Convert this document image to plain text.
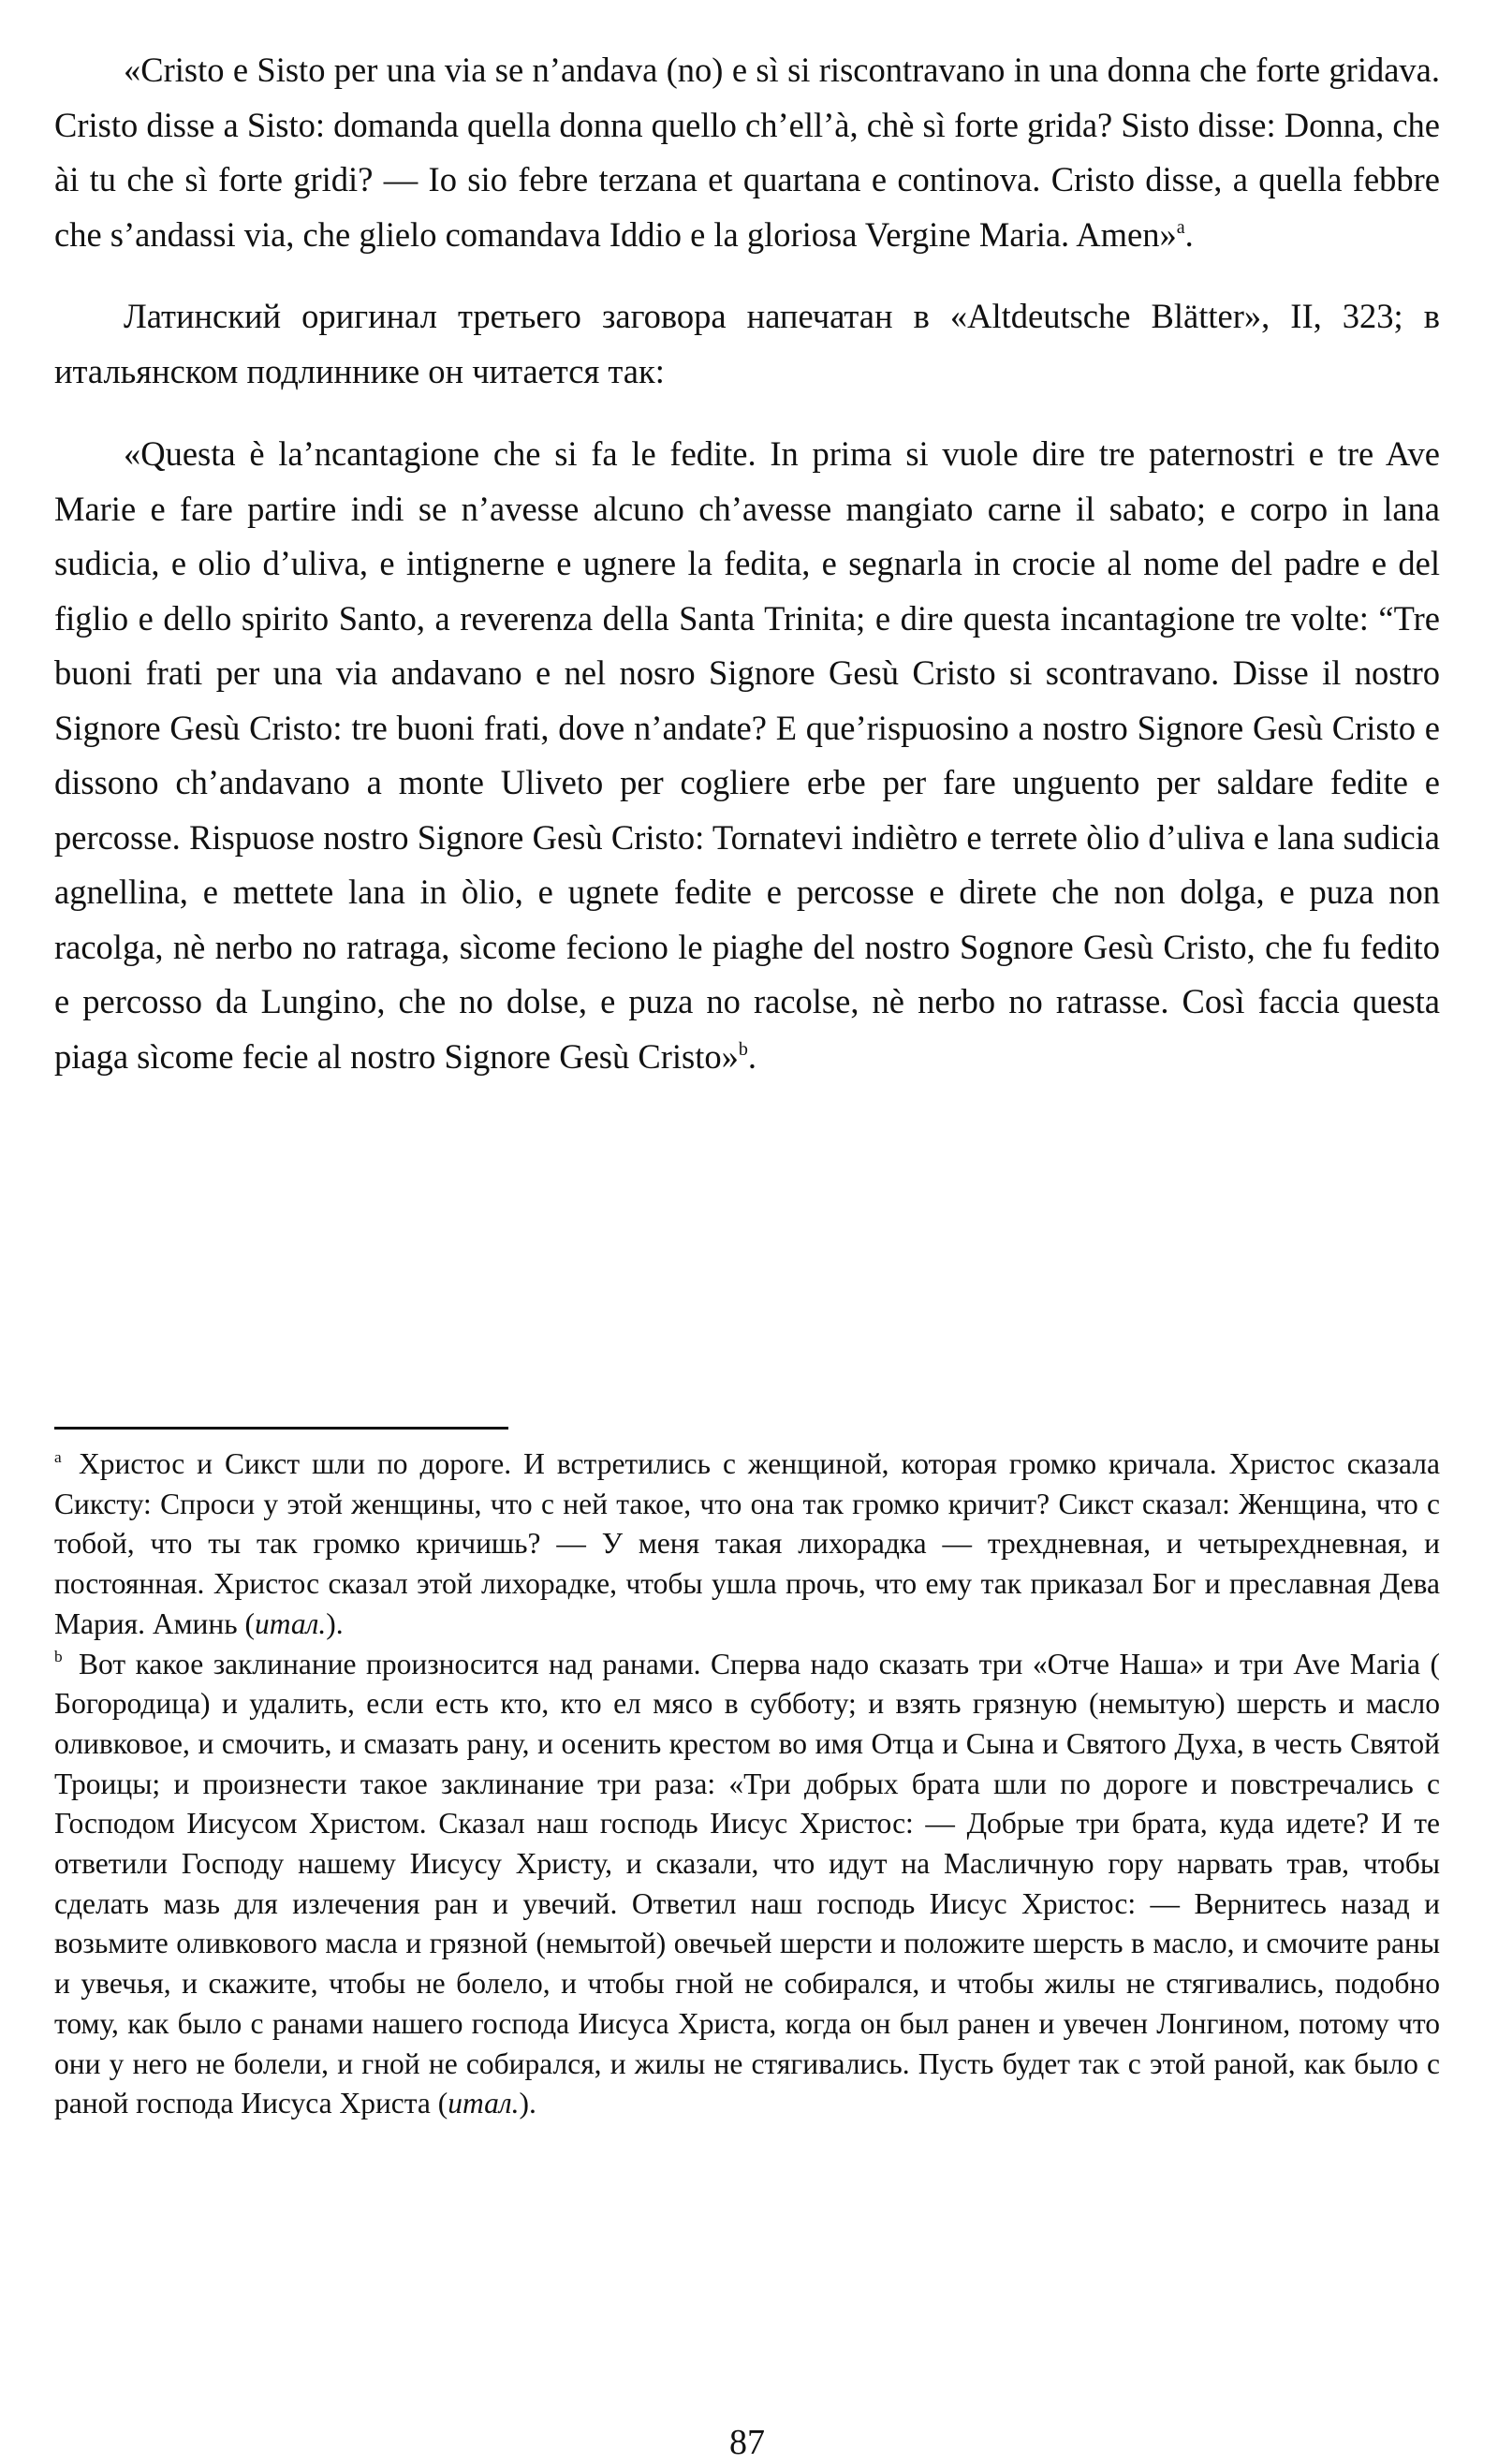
«Cristo e Sisto per una via se n’andava (no) e sì si riscontravano in una donna che forte gridava. Cristo disse a Sisto: domanda quella donna quello ch’ell’à, chè sì forte grida? Sisto disse: Donna, che ài tu che sì forte gridi? — Io sio febre terzana et quartana e continova. Cristo disse, a quella febbre che s’andassi via, che glielo comandava Iddio e la gloriosa Vergine Maria. Amen»$^a$.

Латинский оригинал третьего заговора напечатан в «Altdeutsche Blätter», II, 323; в итальянском подлиннике он читается так:

«Questa è la’ncantagione che si fa le fedite. In prima si vuole dire tre paternostri e tre Ave Marie e fare partire indi se n’avesse alcuno ch’avesse mangiato carne il sabato; e corpo in lana sudicia, e olio d’uliva, e intignerne e ugnere la fedita, e segnarla in crocie al nome del padre e del figlio e dello spirito Santo, a reverenza della Santa Trinita; e dire questa incantagione tre volte: “Tre buoni frati per una via andavano e nel nosro Signore Gesù Cristo si scontravano. Disse il nostro Signore Gesù Cristo: tre buoni frati, dove n’andate? E que’rispuosino a nostro Signore Gesù Cristo e dissono ch’andavano a monte Uliveto per cogliere erbe per fare unguento per saldare fedite e percosse. Rispuose nostro Signore Gesù Cristo: Tornatevi indiètro e terrete òlio d’uliva e lana sudicia agnellina, e mettete lana in òlio, e ugnete fedite e percosse e direte che non dolga, e puza non racolga, nè nerbo no ratraga, sìcome feciono le piaghe del nostro Sognore Gesù Cristo, che fu fedito e percosso da Lungino, che no dolse, e puza no racolse, nè nerbo no ratrasse. Così faccia questa piaga sìcome fecie al nostro Signore Gesù Cristo»$^b$.

$^a$ Христос и Сикст шли по дороге. И встретились с женщиной, которая громко кричала. Христос сказала Сиксту: Спроси у этой женщины, что с ней такое, что она так громко кричит? Сикст сказал: Женщина, что с тобой, что ты так громко кричишь? — У меня такая лихорадка — трехдневная, и четырехдневная, и постоянная. Христос сказал этой лихорадке, чтобы ушла прочь, что ему так приказал Бог и преславная Дева Мария. Аминь (итал.).

$^b$ Вот какое заклинание произносится над ранами. Сперва надо сказать три «Отче Наша» и три Ave Maria ( Богородица) и удалить, если есть кто, кто ел мясо в субботу; и взять грязную (немытую) шерсть и масло оливковое, и смочить, и смазать рану, и осенить крестом во имя Отца и Сына и Святого Духа, в честь Святой Троицы; и произнести такое заклинание три раза: «Три добрых брата шли по дороге и повстречались с Господом Иисусом Христом. Сказал наш господь Иисус Христос: — Добрые три брата, куда идете? И те ответили Господу нашему Иисусу Христу, и сказали, что идут на Масличную гору нарвать трав, чтобы сделать мазь для излечения ран и увечий. Ответил наш господь Иисус Христос: — Вернитесь назад и возьмите оливкового масла и грязной (немытой) овечьей шерсти и положите шерсть в масло, и смочите раны и увечья, и скажите, чтобы не болело, и чтобы гной не собирался, и чтобы жилы не стягивались, подобно тому, как было с ранами нашего господа Иисуса Христа, когда он был ранен и увечен Лонгином, потому что они у него не болели, и гной не собирался, и жилы не стягивались. Пусть будет так с этой раной, как было с раной господа Иисуса Христа (итал.).

87
